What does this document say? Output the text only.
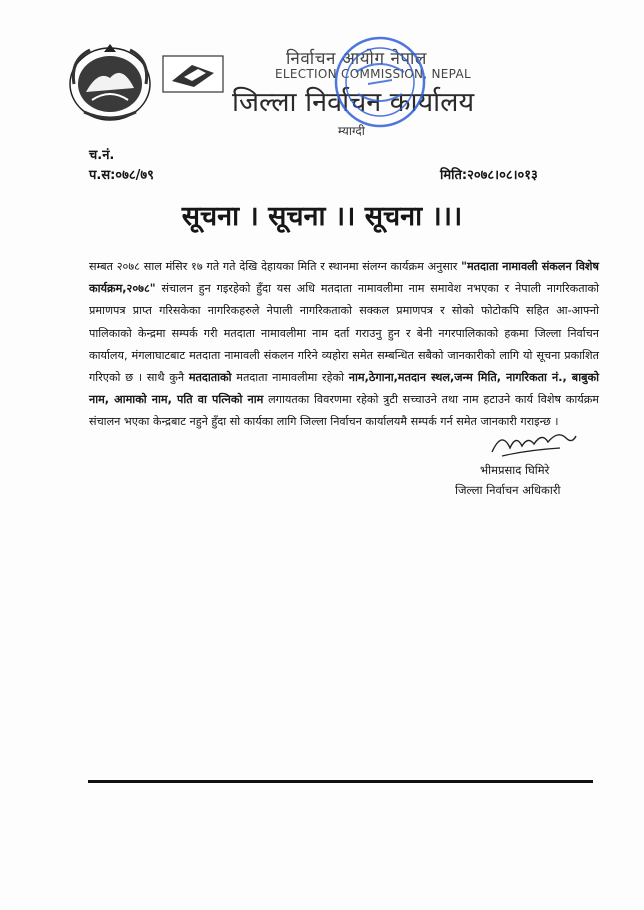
निर्वाचन आयोग नेपाल
ELECTION COMMISSION, NEPAL
जिल्ला निर्वाचन कार्यालय
म्याग्दी
च.नं.
प.स:०७८/७९	मिति:२०७८।०८।०१३
सूचना । सूचना ।। सूचना ।।।
सम्बत २०७८ साल मंसिर १७ गते गते देखि देहायका मिति र स्थानमा संलग्न कार्यक्रम अनुसार "मतदाता नामावली संकलन विशेष कार्यक्रम,२०७८" संचालन हुन गइरहेको हुँदा यस अधि मतदाता नामावलीमा नाम समावेश नभएका र नेपाली नागरिकताको प्रमाणपत्र प्राप्त गरिसकेका नागरिकहरुले नेपाली नागरिकताको सक्कल प्रमाणपत्र र सोको फोटोकपि सहित आ-आफ्नो पालिकाको केन्द्रमा सम्पर्क गरी मतदाता नामावलीमा नाम दर्ता गराउनु हुन र बेनी नगरपालिकाको हकमा जिल्ला निर्वाचन कार्यालय, मंगलाघाटबाट मतदाता नामावली संकलन गरिने व्यहोरा समेत सम्बन्धित सबैको जानकारीको लागि यो सूचना प्रकाशित गरिएको छ । साथै कुनै मतदाताको मतदाता नामावलीमा रहेको नाम,ठेगाना,मतदान स्थल,जन्म मिति, नागरिकता नं., बाबुको नाम, आमाको नाम, पति वा पत्निको नाम लगायतका विवरणमा रहेको त्रुटी सच्चाउने तथा नाम हटाउने कार्य विशेष कार्यक्रम संचालन भएका केन्द्रबाट नहुने हुँदा सो कार्यका लागि जिल्ला निर्वाचन कार्यालयमै सम्पर्क गर्न समेत जानकारी गराइन्छ ।
भीमप्रसाद घिमिरे
जिल्ला निर्वाचन अधिकारी
